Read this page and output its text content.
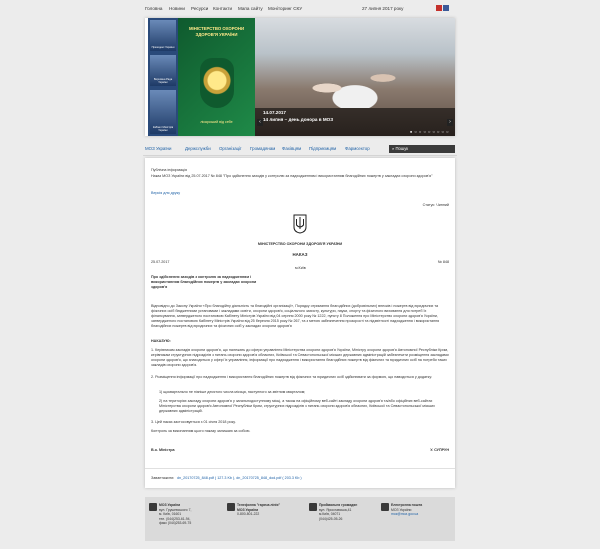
Головна Новини Ресурси Контакти Мапа сайту Моніторинг СКУ	27 липня 2017 року
Президент України
Верховна Рада України
Кабінет Міністрів України
МІНІСТЕРСТВО ОХОРОНИ ЗДОРОВ'Я УКРАЇНИ
лікарський вiд себе
14.07.2017
14 липня – день донора в МОЗ
‹	›
● ○ ○ ○ ○ ○ ○ ○ ○
МОЗ України	Держслужби Організації Громадянам Фахівцям Підприємцям Фармсектор	⌕ Пошук
Публічна інформація
Наказ МОЗ України від 25.07.2017 № 848 "Про здійснення заходів у контролю за надходженням і використанням благодійних пожертв у закладах охорони здоров'я"
Версія для друку
Статус: Чинний
МІНІСТЕРСТВО ОХОРОНИ ЗДОРОВ'Я УКРАЇНИ
НАКАЗ
25.07.2017
м.Київ
№ 848
Про здійснення заходів з контролю за надходженням і використанням благодійних пожертв у закладах охорони здоров'я
Відповідно до Закону України «Про благодійну діяльність та благодійні організації», Порядку отримання благодійних (добровільних) внесків і пожертв від юридичних та фізичних осіб бюджетними установами і закладами освіти, охорони здоров'я, соціального захисту, культури, науки, спорту та фізичного виховання для потреб їх фінансування, затвердженого постановою Кабінету Міністрів України від 04 серпня 2000 року № 1222, пункту 8 Положення про Міністерство охорони здоров'я України, затвердженого постановою Кабінету Міністрів України від 25 березня 2015 року № 267, та з метою забезпечення прозорості та підзвітності надходження і використання благодійних пожертв від юридичних та фізичних осіб у закладах охорони здоров'я
НАКАЗУЮ:
1. Керівникам закладів охорони здоров'я, що належать до сфери управління Міністерства охорони здоров'я України, Міністру охорони здоров'я Автономної Республіки Крим, керівникам структурних підрозділів з питань охорони здоров'я обласних, Київської та Севастопольської міських державних адміністрацій забезпечити розміщення закладами охорони здоров'я, що знаходяться у сфері їх управління, інформації про надходження і використання благодійних пожертв від фізичних та юридичних осіб на потреби таких закладів охорони здоров'я.
2. Розміщення інформації про надходження і використання благодійних пожертв від фізичних та юридичних осіб здійснювати за формою, що наводиться у додатку:
1) щоквартально не пізніше десятого числа місяця, наступного за звітним кварталом;
2) на територіях закладу охорони здоров'я у загальнодоступному місці, а також на офіційному веб-сайті закладу охорони здоров'я та/або офіційних веб-сайтах Міністерства охорони здоров'я Автономної Республіки Крим, структурних підрозділів з питань охорони здоров'я обласних, Київської та Севастопольської міських державних адміністрацій.
3. Цей наказ застосовується з 01 січня 2018 року.
Контроль за виконанням цього наказу залишаю за собою.
В.о. Міністра	У. СУПРУН
Завантажити: dn_20170725_848.pdf ( 127.3 Kb ), dn_20170725_848_dod.pdf ( 203.3 Kb )
МОЗ України
вул. Грушевського 7,
м. Київ, 01601
тел. (044)253-61-94,
факс (044)253-69-75
Телефонна "гаряча лінія"
МОЗ України
0-800-801-222
Приймальня громадян
вул. Ярославська,41
м.Київ, 04071
(044)425-05-26
Електронна пошта
МОЗ України
moz@moz.gov.ua
